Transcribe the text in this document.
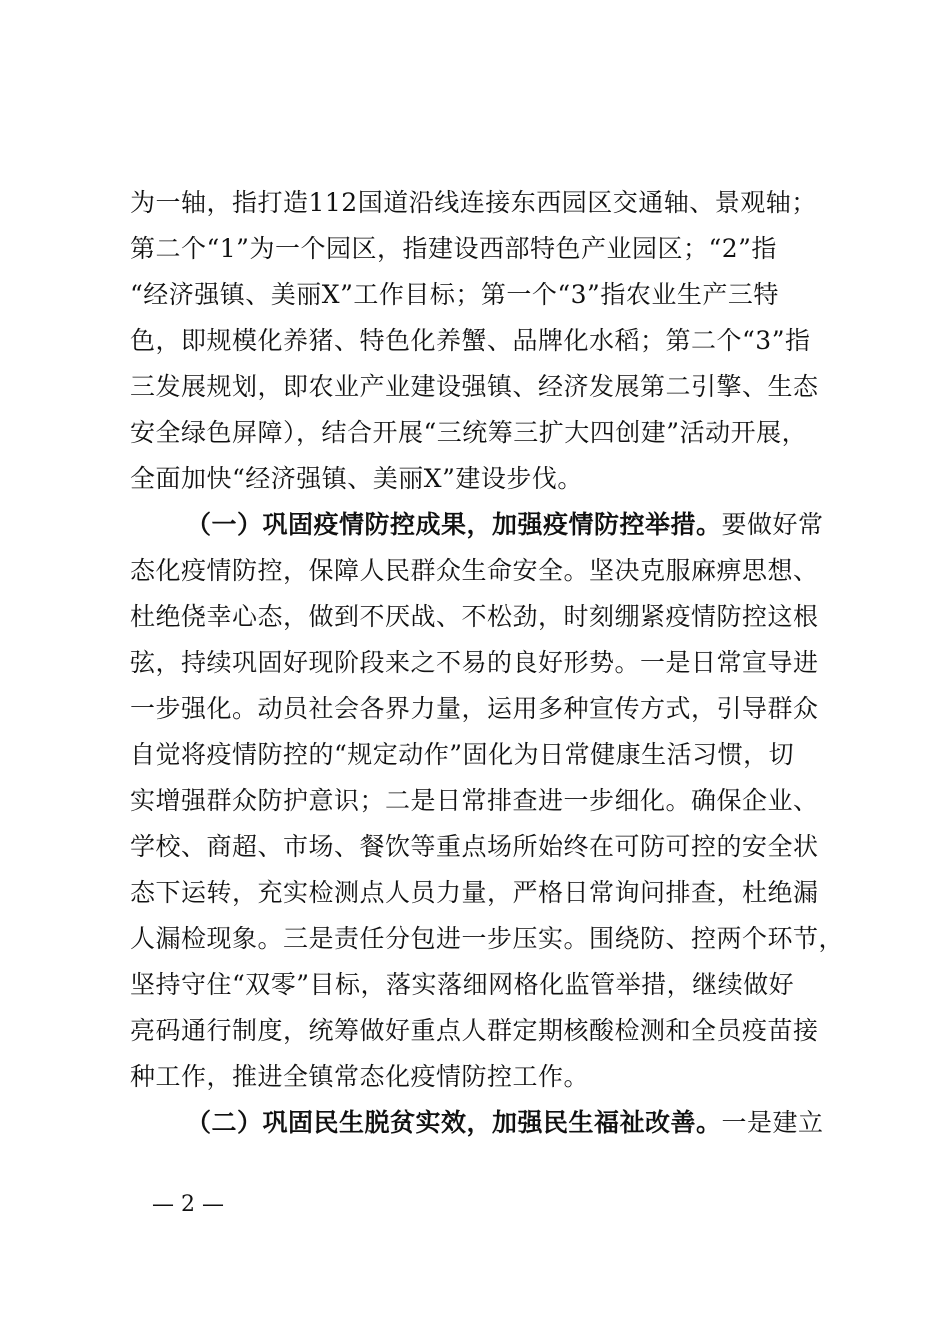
为一轴，指打造112国道沿线连接东西园区交通轴、景观轴；
第二个“1”为一个园区，指建设西部特色产业园区；“2”指
“经济强镇、美丽X”工作目标；第一个“3”指农业生产三特
色，即规模化养猪、特色化养蟹、品牌化水稻；第二个“3”指
三发展规划，即农业产业建设强镇、经济发展第二引擎、生态
安全绿色屏障），结合开展“三统筹三扩大四创建”活动开展，
全面加快“经济强镇、美丽X”建设步伐。
（一）巩固疫情防控成果，加强疫情防控举措。要做好常
态化疫情防控，保障人民群众生命安全。坚决克服麻痹思想、
杜绝侥幸心态，做到不厌战、不松劲，时刻绷紧疫情防控这根
弦，持续巩固好现阶段来之不易的良好形势。一是日常宣导进
一步强化。动员社会各界力量，运用多种宣传方式，引导群众
自觉将疫情防控的“规定动作”固化为日常健康生活习惯，切
实增强群众防护意识；二是日常排查进一步细化。确保企业、
学校、商超、市场、餐饮等重点场所始终在可防可控的安全状
态下运转，充实检测点人员力量，严格日常询问排查，杜绝漏
人漏检现象。三是责任分包进一步压实。围绕防、控两个环节，
坚持守住“双零”目标，落实落细网格化监管举措，继续做好
亮码通行制度，统筹做好重点人群定期核酸检测和全员疫苗接
种工作，推进全镇常态化疫情防控工作。
（二）巩固民生脱贫实效，加强民生福祉改善。一是建立
— 2 —
